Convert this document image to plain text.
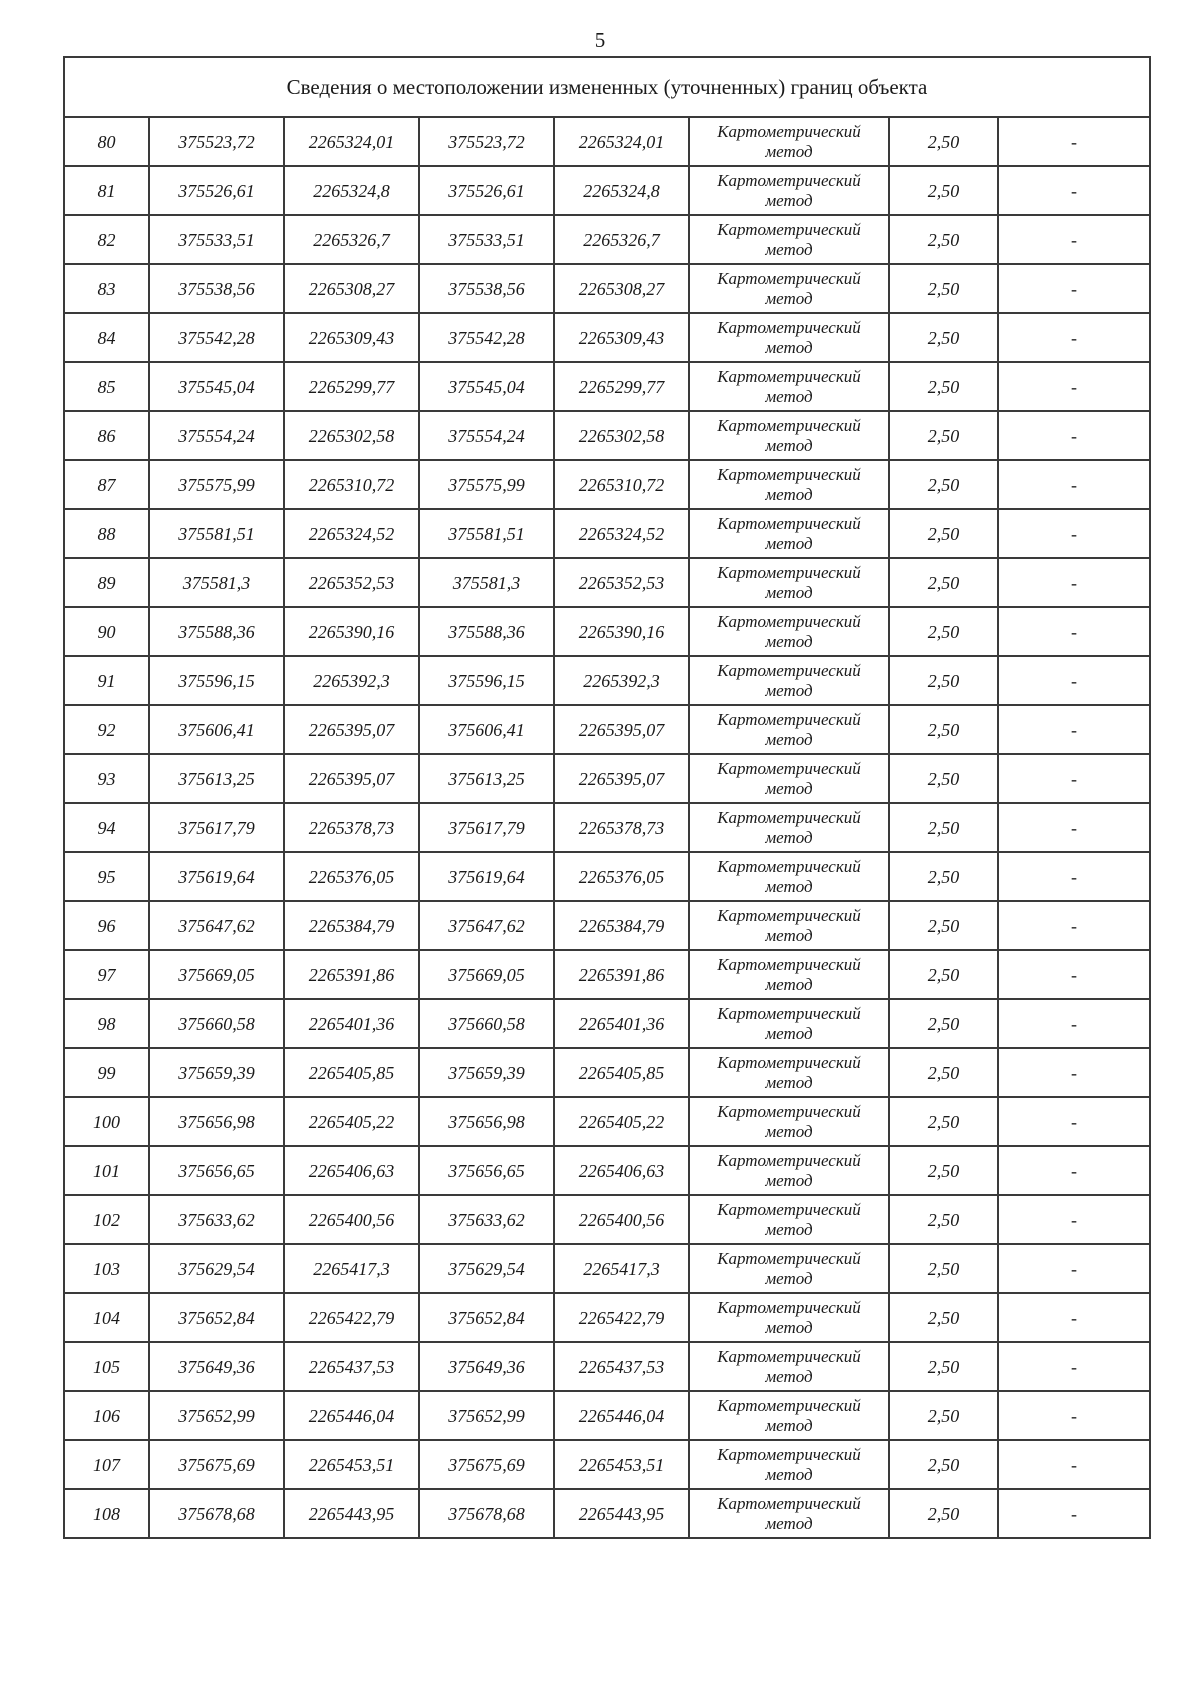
5
Сведения о местоположении измененных (уточненных) границ объекта							
80	375523,72	2265324,01	375523,72	2265324,01	Картометрический
метод	2,50	-
81	375526,61	2265324,8	375526,61	2265324,8	Картометрический
метод	2,50	-
82	375533,51	2265326,7	375533,51	2265326,7	Картометрический
метод	2,50	-
83	375538,56	2265308,27	375538,56	2265308,27	Картометрический
метод	2,50	-
84	375542,28	2265309,43	375542,28	2265309,43	Картометрический
метод	2,50	-
85	375545,04	2265299,77	375545,04	2265299,77	Картометрический
метод	2,50	-
86	375554,24	2265302,58	375554,24	2265302,58	Картометрический
метод	2,50	-
87	375575,99	2265310,72	375575,99	2265310,72	Картометрический
метод	2,50	-
88	375581,51	2265324,52	375581,51	2265324,52	Картометрический
метод	2,50	-
89	375581,3	2265352,53	375581,3	2265352,53	Картометрический
метод	2,50	-
90	375588,36	2265390,16	375588,36	2265390,16	Картометрический
метод	2,50	-
91	375596,15	2265392,3	375596,15	2265392,3	Картометрический
метод	2,50	-
92	375606,41	2265395,07	375606,41	2265395,07	Картометрический
метод	2,50	-
93	375613,25	2265395,07	375613,25	2265395,07	Картометрический
метод	2,50	-
94	375617,79	2265378,73	375617,79	2265378,73	Картометрический
метод	2,50	-
95	375619,64	2265376,05	375619,64	2265376,05	Картометрический
метод	2,50	-
96	375647,62	2265384,79	375647,62	2265384,79	Картометрический
метод	2,50	-
97	375669,05	2265391,86	375669,05	2265391,86	Картометрический
метод	2,50	-
98	375660,58	2265401,36	375660,58	2265401,36	Картометрический
метод	2,50	-
99	375659,39	2265405,85	375659,39	2265405,85	Картометрический
метод	2,50	-
100	375656,98	2265405,22	375656,98	2265405,22	Картометрический
метод	2,50	-
101	375656,65	2265406,63	375656,65	2265406,63	Картометрический
метод	2,50	-
102	375633,62	2265400,56	375633,62	2265400,56	Картометрический
метод	2,50	-
103	375629,54	2265417,3	375629,54	2265417,3	Картометрический
метод	2,50	-
104	375652,84	2265422,79	375652,84	2265422,79	Картометрический
метод	2,50	-
105	375649,36	2265437,53	375649,36	2265437,53	Картометрический
метод	2,50	-
106	375652,99	2265446,04	375652,99	2265446,04	Картометрический
метод	2,50	-
107	375675,69	2265453,51	375675,69	2265453,51	Картометрический
метод	2,50	-
108	375678,68	2265443,95	375678,68	2265443,95	Картометрический
метод	2,50	-
